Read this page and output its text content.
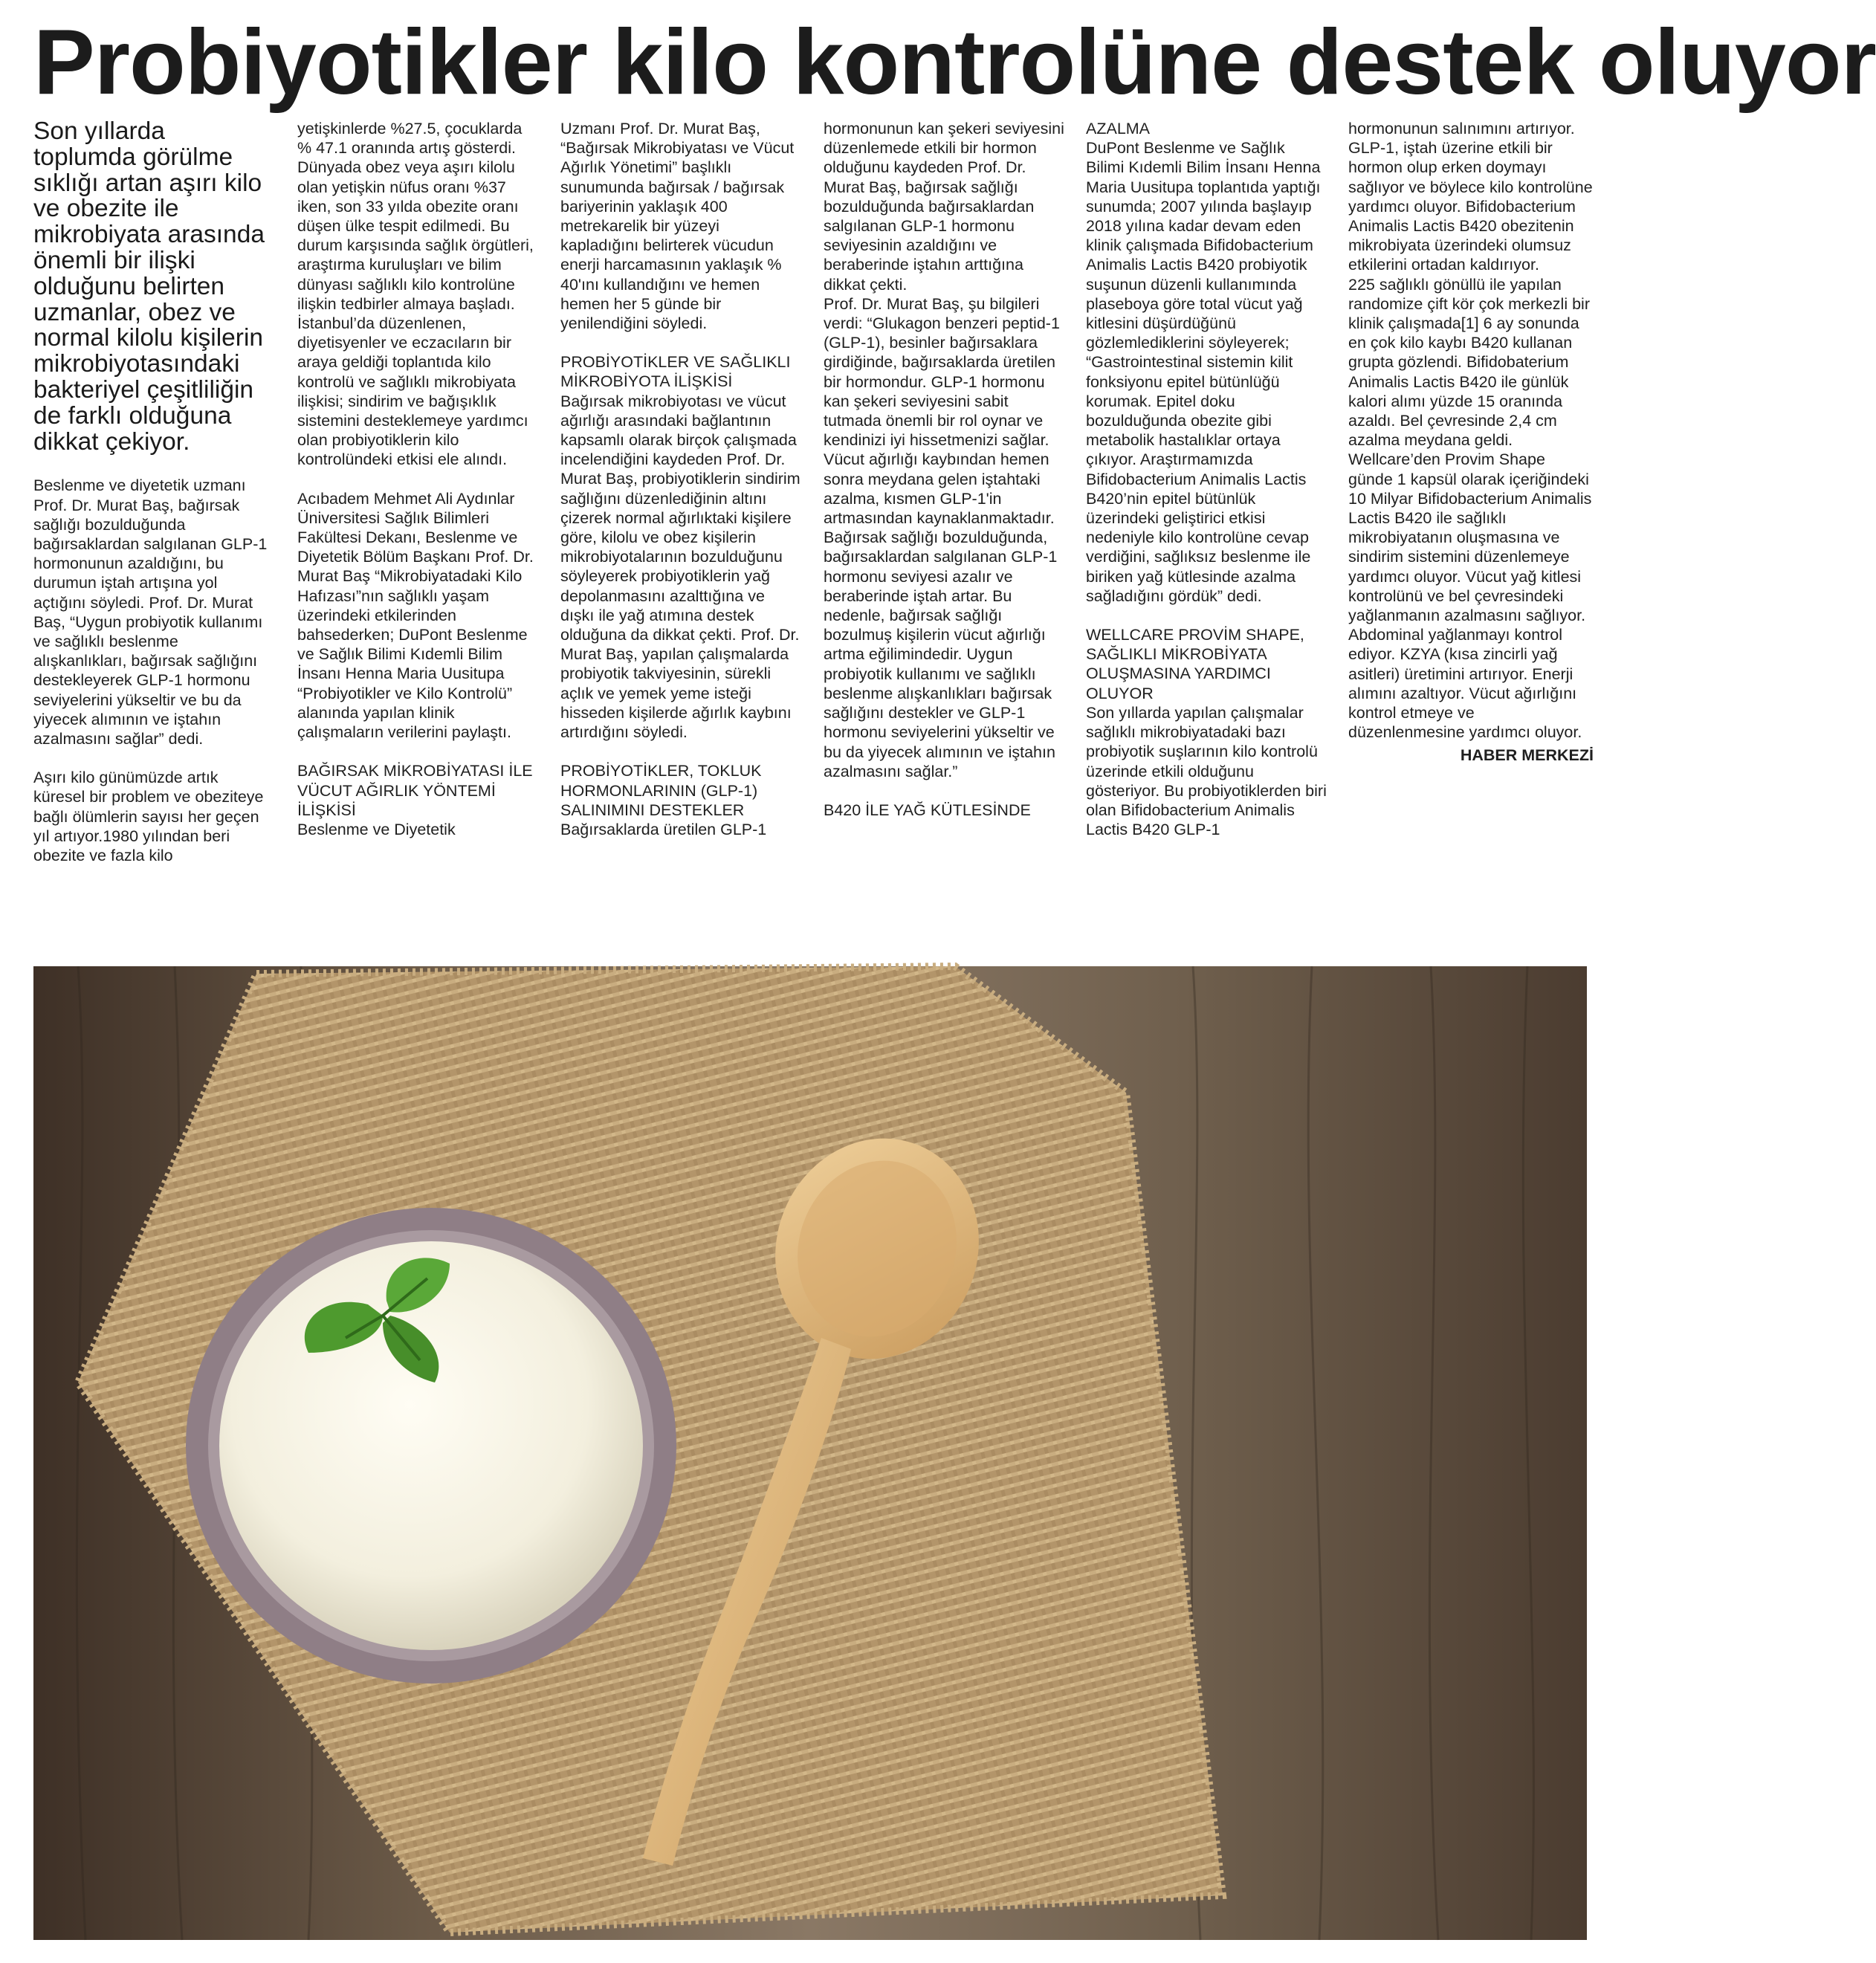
Probiyotikler kilo kontrolüne destek oluyor

Son yıllarda toplumda görülme sıklığı artan aşırı kilo ve obezite ile mikrobiyata arasında önemli bir ilişki olduğunu belirten uzmanlar, obez ve normal kilolu kişilerin mikrobiyotasındaki bakteriyel çeşitliliğin de farklı olduğuna dikkat çekiyor.

Beslenme ve diyetetik uzmanı Prof. Dr. Murat Baş, bağırsak sağlığı bozulduğunda bağırsaklardan salgılanan GLP-1 hormonunun azaldığını, bu durumun iştah artışına yol açtığını söyledi. Prof. Dr. Murat Baş, “Uygun probiyotik kullanımı ve sağlıklı beslenme alışkanlıkları, bağırsak sağlığını destekleyerek GLP-1 hormonu seviyelerini yükseltir ve bu da yiyecek alımının ve iştahın azalmasını sağlar” dedi.

Aşırı kilo günümüzde artık küresel bir problem ve obeziteye bağlı ölümlerin sayısı her geçen yıl artıyor.1980 yılından beri obezite ve fazla kilo

yetişkinlerde %27.5, çocuklarda % 47.1 oranında artış gösterdi. Dünyada obez veya aşırı kilolu olan yetişkin nüfus oranı %37 iken, son 33 yılda obezite oranı düşen ülke tespit edilmedi. Bu durum karşısında sağlık örgütleri, araştırma kuruluşları ve bilim dünyası sağlıklı kilo kontrolüne ilişkin tedbirler almaya başladı.

İstanbul’da düzenlenen, diyetisyenler ve eczacıların bir araya geldiği toplantıda kilo kontrolü ve sağlıklı mikrobiyata ilişkisi; sindirim ve bağışıklık sistemini desteklemeye yardımcı olan probiyotiklerin kilo kontrolündeki etkisi ele alındı.

Acıbadem Mehmet Ali Aydınlar Üniversitesi Sağlık Bilimleri Fakültesi Dekanı, Beslenme ve Diyetetik Bölüm Başkanı Prof. Dr. Murat Baş “Mikrobiyatadaki Kilo Hafızası”nın sağlıklı yaşam üzerindeki etkilerinden bahsederken; DuPont Beslenme ve Sağlık Bilimi Kıdemli Bilim İnsanı Henna Maria Uusitupa “Probiyotikler ve Kilo Kontrolü” alanında yapılan klinik çalışmaların verilerini paylaştı.

BAĞIRSAK MİKROBİYATASI İLE VÜCUT AĞIRLIK YÖNTEMİ İLİŞKİSİ

Beslenme ve Diyetetik

Uzmanı Prof. Dr. Murat Baş, “Bağırsak Mikrobiyatası ve Vücut Ağırlık Yönetimi” başlıklı sunumunda bağırsak / bağırsak bariyerinin yaklaşık 400 metrekarelik bir yüzeyi kapladığını belirterek vücudun enerji harcamasının yaklaşık % 40'ını kullandığını ve hemen hemen her 5 günde bir yenilendiğini söyledi.

PROBİYOTİKLER VE SAĞLIKLI MİKROBİYOTA İLİŞKİSİ

Bağırsak mikrobiyotası ve vücut ağırlığı arasındaki bağlantının kapsamlı olarak birçok çalışmada incelendiğini kaydeden Prof. Dr. Murat Baş, probiyotiklerin sindirim sağlığını düzenlediğinin altını çizerek normal ağırlıktaki kişilere göre, kilolu ve obez kişilerin mikrobiyotalarının bozulduğunu söyleyerek probiyotiklerin yağ depolanmasını azalttığına ve dışkı ile yağ atımına destek olduğuna da dikkat çekti. Prof. Dr. Murat Baş, yapılan çalışmalarda probiyotik takviyesinin, sürekli açlık ve yemek yeme isteği hisseden kişilerde ağırlık kaybını artırdığını söyledi.

PROBİYOTİKLER, TOKLUK HORMONLARININ (GLP-1) SALINIMINI DESTEKLER

Bağırsaklarda üretilen GLP-1

hormonunun kan şekeri seviyesini düzenlemede etkili bir hormon olduğunu kaydeden Prof. Dr. Murat Baş, bağırsak sağlığı bozulduğunda bağırsaklardan salgılanan GLP-1 hormonu seviyesinin azaldığını ve beraberinde iştahın arttığına dikkat çekti.

Prof. Dr. Murat Baş, şu bilgileri verdi: “Glukagon benzeri peptid-1 (GLP-1), besinler bağırsaklara girdiğinde, bağırsaklarda üretilen bir hormondur. GLP-1 hormonu kan şekeri seviyesini sabit tutmada önemli bir rol oynar ve kendinizi iyi hissetmenizi sağlar. Vücut ağırlığı kaybından hemen sonra meydana gelen iştahtaki azalma, kısmen GLP-1'in artmasından kaynaklanmaktadır. Bağırsak sağlığı bozulduğunda, bağırsaklardan salgılanan GLP-1 hormonu seviyesi azalır ve beraberinde iştah artar. Bu nedenle, bağırsak sağlığı bozulmuş kişilerin vücut ağırlığı artma eğilimindedir. Uygun probiyotik kullanımı ve sağlıklı beslenme alışkanlıkları bağırsak sağlığını destekler ve GLP-1 hormonu seviyelerini yükseltir ve bu da yiyecek alımının ve iştahın azalmasını sağlar.”

B420 İLE YAĞ KÜTLESİNDE

AZALMA

DuPont Beslenme ve Sağlık Bilimi Kıdemli Bilim İnsanı Henna Maria Uusitupa toplantıda yaptığı sunumda; 2007 yılında başlayıp 2018 yılına kadar devam eden klinik çalışmada Bifidobacterium Animalis Lactis B420 probiyotik suşunun düzenli kullanımında plaseboya göre total vücut yağ kitlesini düşürdüğünü gözlemlediklerini söyleyerek; “Gastrointestinal sistemin kilit fonksiyonu epitel bütünlüğü korumak. Epitel doku bozulduğunda obezite gibi metabolik hastalıklar ortaya çıkıyor. Araştırmamızda Bifidobacterium Animalis Lactis B420’nin epitel bütünlük üzerindeki geliştirici etkisi nedeniyle kilo kontrolüne cevap verdiğini, sağlıksız beslenme ile biriken yağ kütlesinde azalma sağladığını gördük” dedi.

WELLCARE PROVİM SHAPE, SAĞLIKLI MİKROBİYATA OLUŞMASINA YARDIMCI OLUYOR

Son yıllarda yapılan çalışmalar sağlıklı mikrobiyatadaki bazı probiyotik suşlarının kilo kontrolü üzerinde etkili olduğunu gösteriyor. Bu probiyotiklerden biri olan Bifidobacterium Animalis Lactis B420 GLP-1

hormonunun salınımını artırıyor. GLP-1, iştah üzerine etkili bir hormon olup erken doymayı sağlıyor ve böylece kilo kontrolüne yardımcı oluyor. Bifidobacterium Animalis Lactis B420 obezitenin mikrobiyata üzerindeki olumsuz etkilerini ortadan kaldırıyor.

225 sağlıklı gönüllü ile yapılan randomize çift kör çok merkezli bir klinik çalışmada[1] 6 ay sonunda en çok kilo kaybı B420 kullanan grupta gözlendi. Bifidobaterium Animalis Lactis B420 ile günlük kalori alımı yüzde 15 oranında azaldı. Bel çevresinde 2,4 cm azalma meydana geldi.

Wellcare’den Provim Shape günde 1 kapsül olarak içeriğindeki 10 Milyar Bifidobacterium Animalis Lactis B420 ile sağlıklı mikrobiyatanın oluşmasına ve sindirim sistemini düzenlemeye yardımcı oluyor. Vücut yağ kitlesi kontrolünü ve bel çevresindeki yağlanmanın azalmasını sağlıyor.

Abdominal yağlanmayı kontrol ediyor. KZYA (kısa zincirli yağ asitleri) üretimini artırıyor. Enerji alımını azaltıyor. Vücut ağırlığını kontrol etmeye ve düzenlenmesine yardımcı oluyor.

HABER MERKEZİ
